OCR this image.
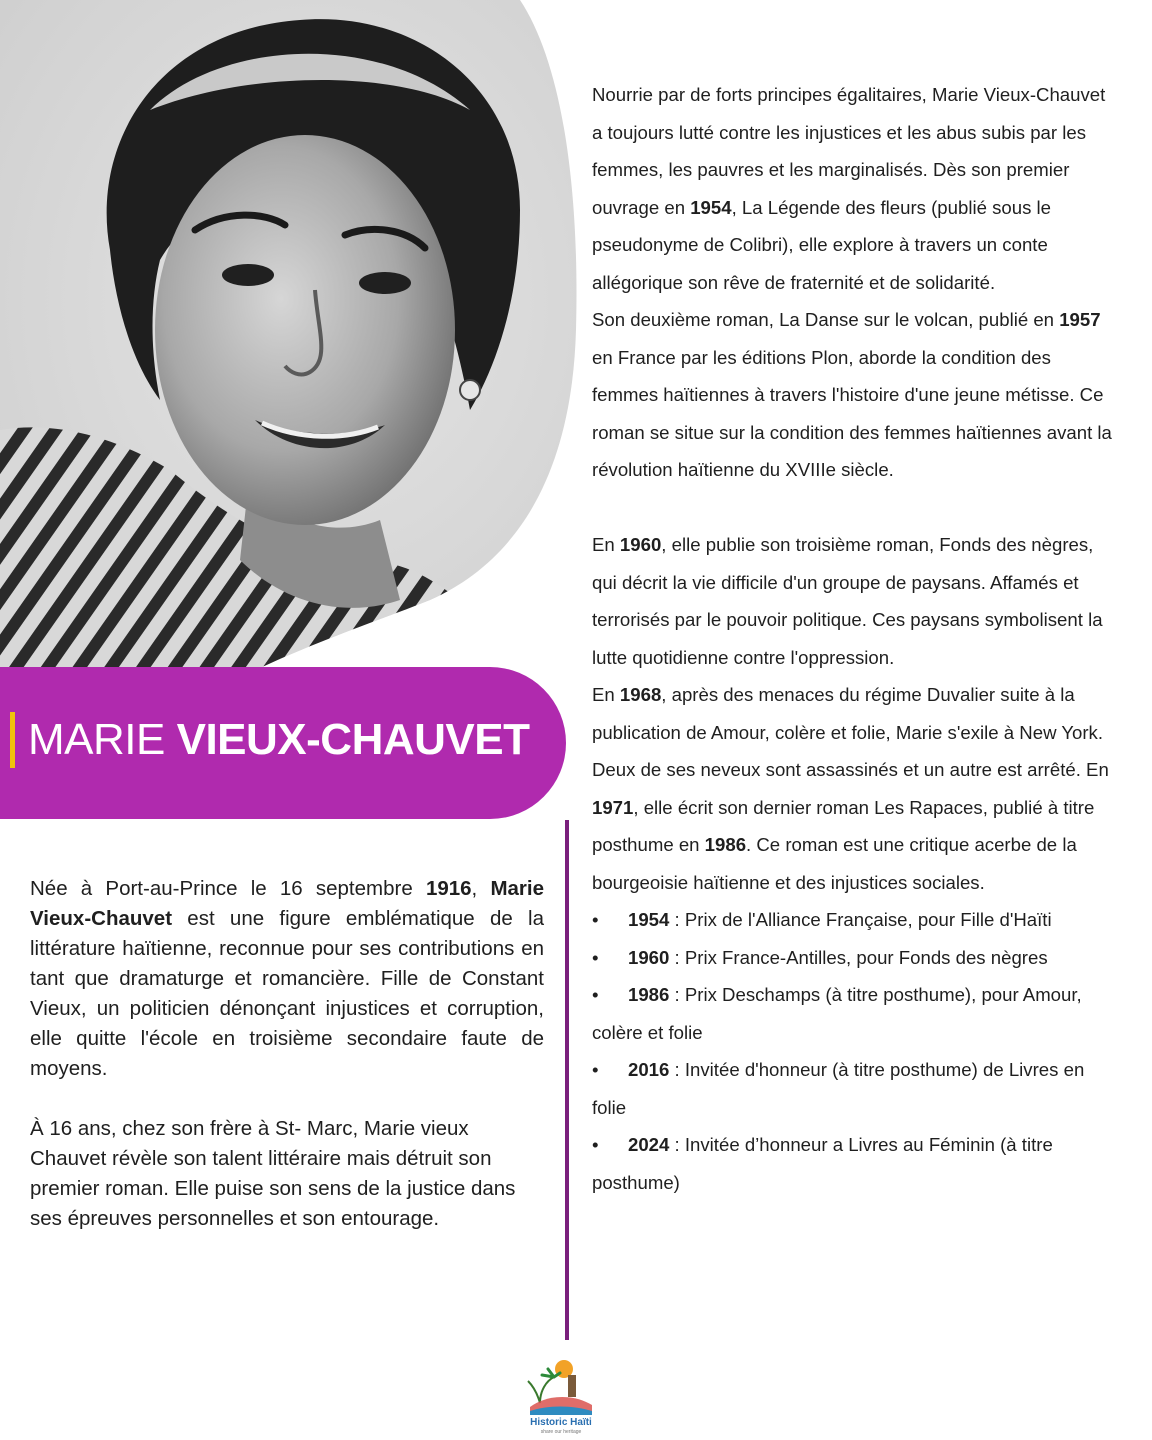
MARIE VIEUX-CHAUVET

Née à Port-au-Prince le 16 septembre 1916, Marie Vieux-Chauvet est une figure emblématique de la littérature haïtienne, reconnue pour ses contributions en tant que dramaturge et romancière. Fille de Constant Vieux, un politicien dénonçant injustices et corruption, elle quitte l'école en troisième secondaire faute de moyens.

À 16 ans, chez son frère à St- Marc, Marie vieux Chauvet révèle son talent littéraire mais détruit son premier roman. Elle puise son sens de la justice dans ses épreuves personnelles et son entourage.

Nourrie par de forts principes égalitaires, Marie Vieux-Chauvet a toujours lutté contre les injustices et les abus subis par les femmes, les pauvres et les marginalisés. Dès son premier ouvrage en 1954, La Légende des fleurs (publié sous le pseudonyme de Colibri), elle explore à travers un conte allégorique son rêve de fraternité et de solidarité.

Son deuxième roman, La Danse sur le volcan, publié en 1957 en France par les éditions Plon, aborde la condition des femmes haïtiennes à travers l'histoire d'une jeune métisse. Ce roman se situe sur la condition des femmes haïtiennes avant la révolution haïtienne du XVIIIe siècle.

En 1960, elle publie son troisième roman, Fonds des nègres, qui décrit la vie difficile d'un groupe de paysans. Affamés et terrorisés par le pouvoir politique. Ces paysans symbolisent la lutte quotidienne contre l'oppression.

En 1968, après des menaces du régime Duvalier suite à la publication de Amour, colère et folie, Marie s'exile à New York. Deux de ses neveux sont assassinés et un autre est arrêté. En 1971, elle écrit son dernier roman Les Rapaces, publié à titre posthume en 1986. Ce roman est une critique acerbe de la bourgeoisie haïtienne et des injustices sociales.

• 1954 : Prix de l'Alliance Française, pour Fille d'Haïti
• 1960 : Prix France-Antilles, pour Fonds des nègres
• 1986 : Prix Deschamps (à titre posthume), pour Amour, colère et folie
• 2016 : Invitée d'honneur (à titre posthume) de Livres en folie
• 2024 : Invitée d’honneur a Livres au Féminin (à titre posthume)
Historic Haïti
share our heritage
